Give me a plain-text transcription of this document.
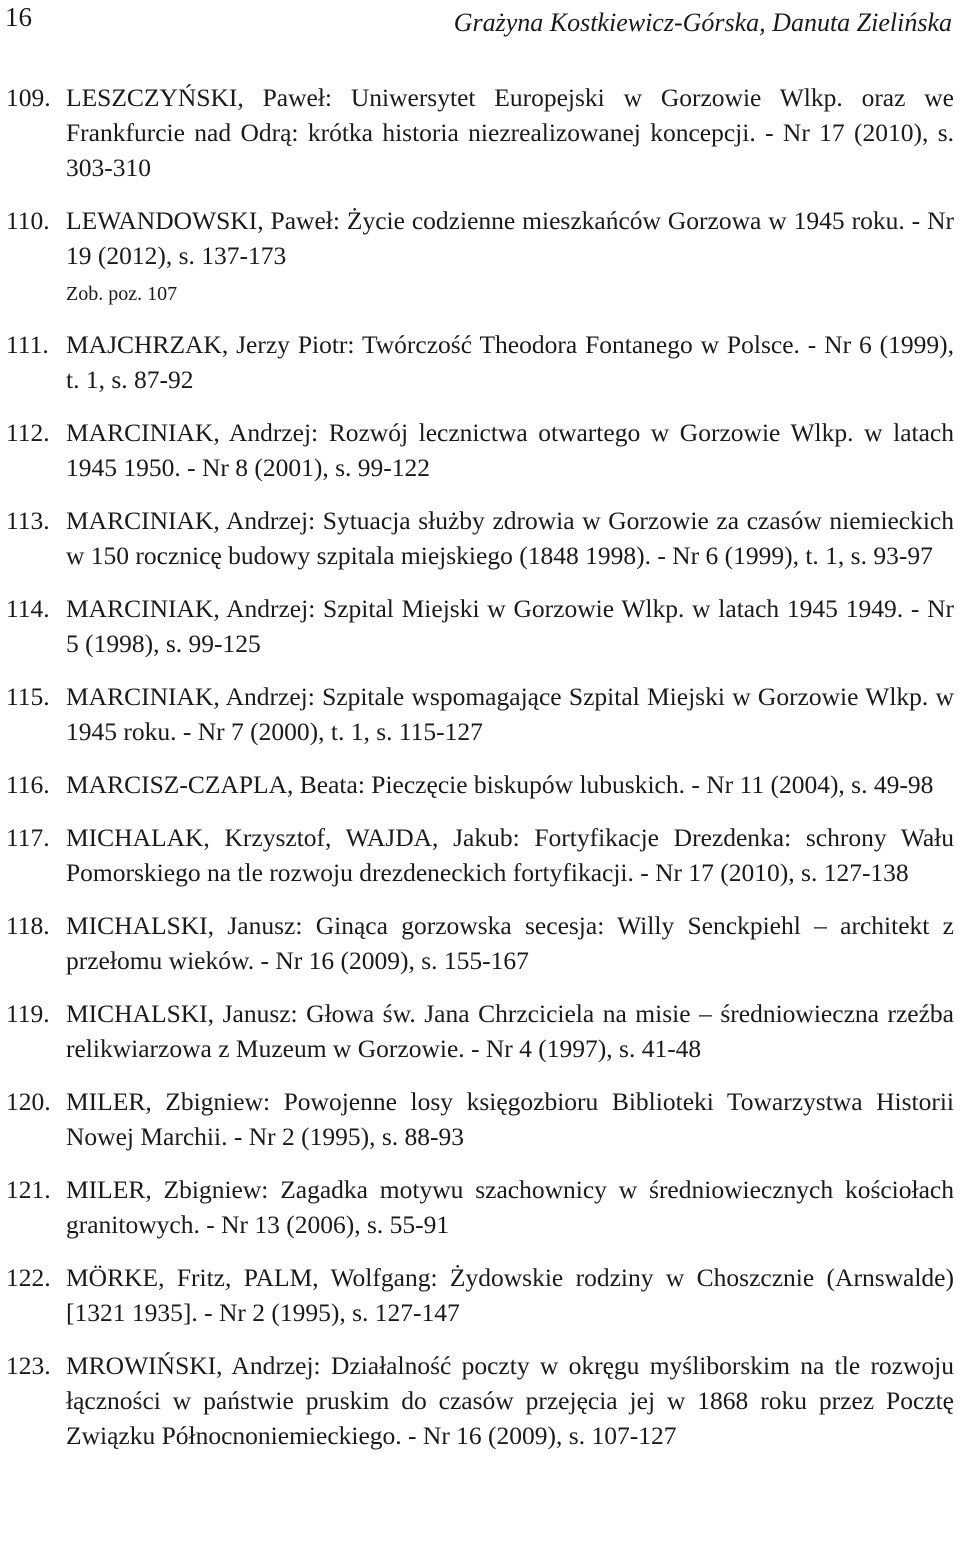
16	Grażyna Kostkiewicz-Górska, Danuta Zielińska
109. LESZCZYŃSKI, Paweł: Uniwersytet Europejski w Gorzowie Wlkp. oraz we Frankfurcie nad Odrą: krótka historia niezrealizowanej koncepcji. - Nr 17 (2010), s. 303-310
110. LEWANDOWSKI, Paweł: Życie codzienne mieszkańców Gorzowa w 1945 roku. - Nr 19 (2012), s. 137-173
Zob. poz. 107
111. MAJCHRZAK, Jerzy Piotr: Twórczość Theodora Fontanego w Polsce. - Nr 6 (1999), t. 1, s. 87-92
112. MARCINIAK, Andrzej: Rozwój lecznictwa otwartego w Gorzowie Wlkp. w latach 1945 1950. - Nr 8 (2001), s. 99-122
113. MARCINIAK, Andrzej: Sytuacja służby zdrowia w Gorzowie za czasów niemieckich w 150 rocznicę budowy szpitala miejskiego (1848 1998). - Nr 6 (1999), t. 1, s. 93-97
114. MARCINIAK, Andrzej: Szpital Miejski w Gorzowie Wlkp. w latach 1945 1949. - Nr 5 (1998), s. 99-125
115. MARCINIAK, Andrzej: Szpitale wspomagające Szpital Miejski w Gorzowie Wlkp. w 1945 roku. - Nr 7 (2000), t. 1, s. 115-127
116. MARCISZ-CZAPLA, Beata: Pieczęcie biskupów lubuskich. - Nr 11 (2004), s. 49-98
117. MICHALAK, Krzysztof, WAJDA, Jakub: Fortyfikacje Drezdenka: schrony Wału Pomorskiego na tle rozwoju drezdeneckich fortyfikacji. - Nr 17 (2010), s. 127-138
118. MICHALSKI, Janusz: Ginąca gorzowska secesja: Willy Senckpiehl – architekt z przełomu wieków. - Nr 16 (2009), s. 155-167
119. MICHALSKI, Janusz: Głowa św. Jana Chrzciciela na misie – średniowieczna rzeźba relikwiarzowa z Muzeum w Gorzowie. - Nr 4 (1997), s. 41-48
120. MILER, Zbigniew: Powojenne losy księgozbioru Biblioteki Towarzystwa Historii Nowej Marchii. - Nr 2 (1995), s. 88-93
121. MILER, Zbigniew: Zagadka motywu szachownicy w średniowiecznych kościołach granitowych. - Nr 13 (2006), s. 55-91
122. MÖRKE, Fritz, PALM, Wolfgang: Żydowskie rodziny w Choszcznie (Arnswalde) [1321 1935]. - Nr 2 (1995), s. 127-147
123. MROWIŃSKI, Andrzej: Działalność poczty w okręgu myśliborskim na tle rozwoju łączności w państwie pruskim do czasów przejęcia jej w 1868 roku przez Pocztę Związku Północnoniemieckiego. - Nr 16 (2009), s. 107-127
